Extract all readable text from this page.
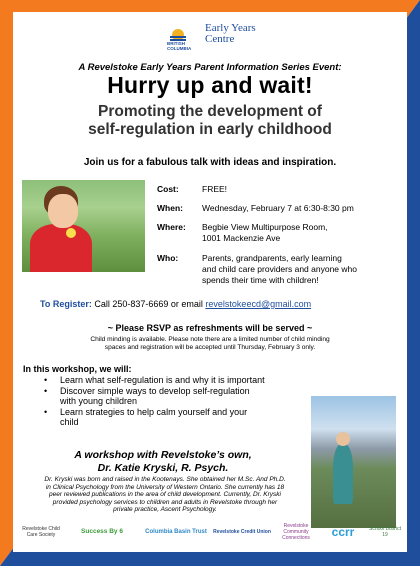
BRITISH COLUMBIA
Early Years
Centre
A Revelstoke Early Years Parent Information Series Event:
Hurry up and wait!
Promoting the development of
self-regulation in early childhood
Join us for a fabulous talk with ideas and inspiration.
Cost:	FREE!
When: Wednesday, February 7 at 6:30-8:30 pm
Where: Begbie View Multipurpose Room,
1001 Mackenzie Ave
Who:	Parents, grandparents, early learning
and child care providers and anyone who
spends their time with children!
To Register: Call 250-837-6669 or email revelstokeecd@gmail.com
~ Please RSVP as refreshments will be served ~
Child minding is available. Please note there are a limited number of child minding
spaces and registration will be accepted until Thursday, February 3 only.
In this workshop, we will:
• Learn what self-regulation is and why it is important
• Discover simple ways to develop self-regulation
with young children
• Learn strategies to help calm yourself and your
child
A workshop with Revelstoke’s own,
Dr. Katie Kryski, R. Psych.
Dr. Kryski was born and raised in the Kootenays. She obtained her M.Sc. And Ph.D.
in Clinical Psychology from the University of Western Ontario. She currently has 18
peer reviewed publications in the area of child development. Currently, Dr. Kryski
provided psychology services to children and adults in Revelstoke through her
private practice, Ascent Psychology.
Revelstoke Child Care Society	Success By 6	Columbia Basin Trust Revelstoke Credit Union
Revelstoke Community Connections	ccrr	School District 19
